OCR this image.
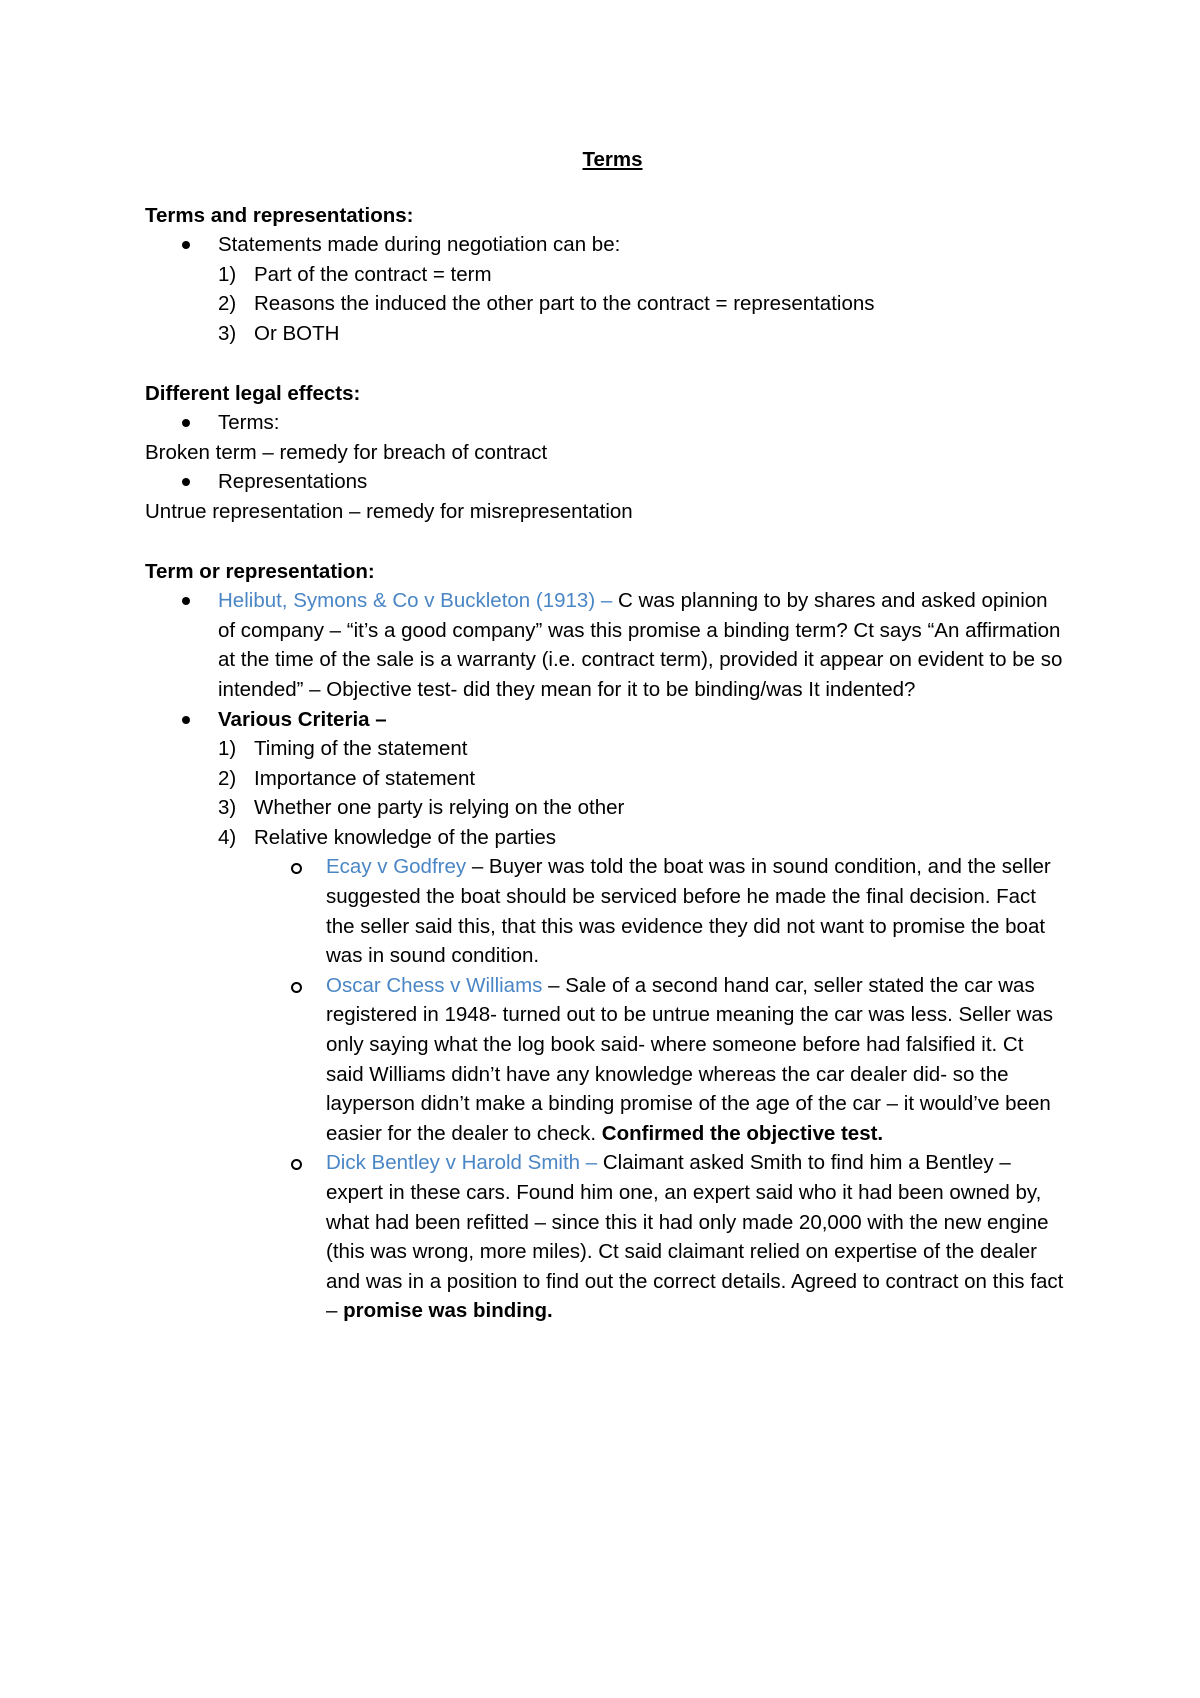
Terms
Terms and representations:
Statements made during negotiation can be:
1) Part of the contract = term
2) Reasons the induced the other part to the contract = representations
3) Or BOTH
Different legal effects:
Terms:
Broken term – remedy for breach of contract
Representations
Untrue representation – remedy for misrepresentation
Term or representation:
Helibut, Symons & Co v Buckleton (1913) – C was planning to by shares and asked opinion of company – “it’s a good company” was this promise a binding term? Ct says “An affirmation at the time of the sale is a warranty (i.e. contract term), provided it appear on evident to be so intended” – Objective test- did they mean for it to be binding/was It indented?
Various Criteria –
1) Timing of the statement
2) Importance of statement
3) Whether one party is relying on the other
4) Relative knowledge of the parties
Ecay v Godfrey – Buyer was told the boat was in sound condition, and the seller suggested the boat should be serviced before he made the final decision. Fact the seller said this, that this was evidence they did not want to promise the boat was in sound condition.
Oscar Chess v Williams – Sale of a second hand car, seller stated the car was registered in 1948- turned out to be untrue meaning the car was less. Seller was only saying what the log book said- where someone before had falsified it. Ct said Williams didn’t have any knowledge whereas the car dealer did- so the layperson didn’t make a binding promise of the age of the car – it would’ve been easier for the dealer to check. Confirmed the objective test.
Dick Bentley v Harold Smith – Claimant asked Smith to find him a Bentley – expert in these cars. Found him one, an expert said who it had been owned by, what had been refitted – since this it had only made 20,000 with the new engine (this was wrong, more miles). Ct said claimant relied on expertise of the dealer and was in a position to find out the correct details. Agreed to contract on this fact – promise was binding.
